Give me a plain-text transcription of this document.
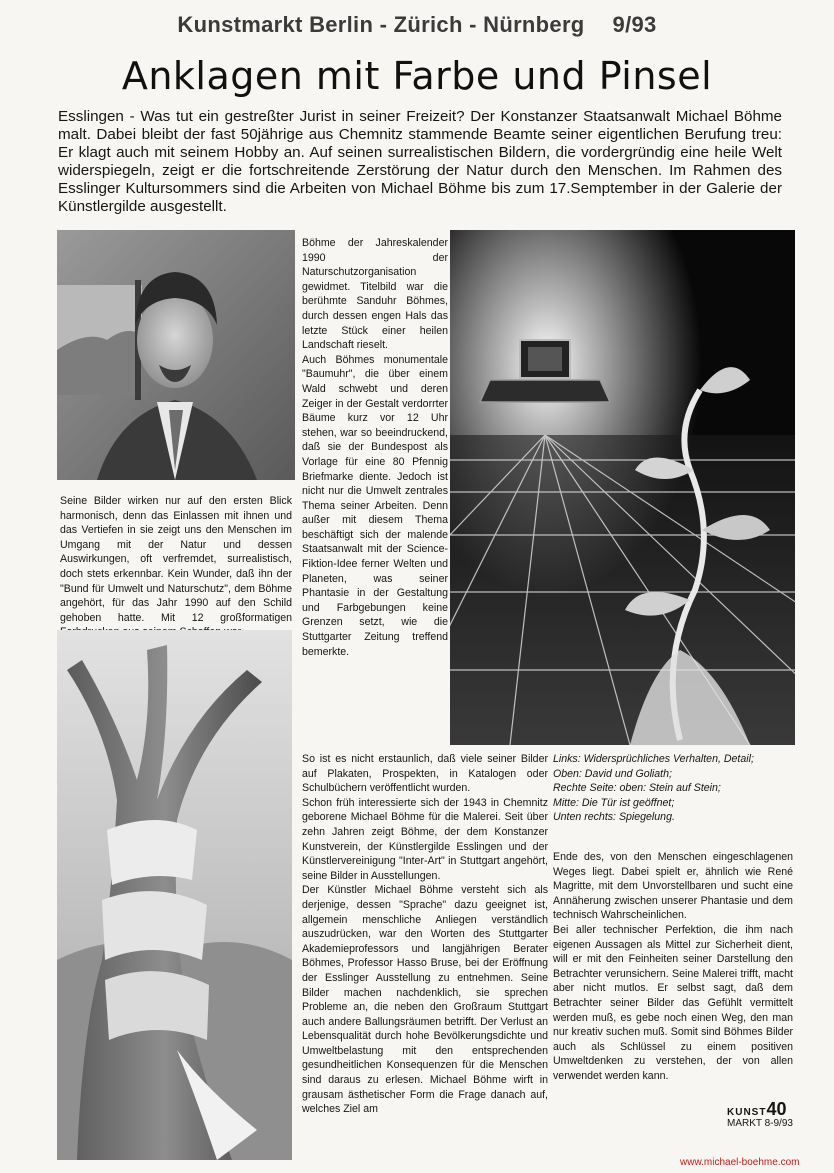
Kunstmarkt Berlin - Zürich - Nürnberg 9/93
Anklagen mit Farbe und Pinsel
Esslingen - Was tut ein gestreßter Jurist in seiner Freizeit? Der Konstanzer Staatsanwalt Michael Böhme malt. Dabei bleibt der fast 50jährige aus Chemnitz stammende Beamte seiner eigentlichen Berufung treu: Er klagt auch mit seinem Hobby an. Auf seinen surrealistischen Bildern, die vordergründig eine heile Welt widerspiegeln, zeigt er die fortschreitende Zerstörung der Natur durch den Menschen. Im Rahmen des Esslinger Kultursommers sind die Arbeiten von Michael Böhme bis zum 17.Semptember in der Galerie der Künstlergilde ausgestellt.
Seine Bilder wirken nur auf den ersten Blick harmonisch, denn das Einlassen mit ihnen und das Vertiefen in sie zeigt uns den Menschen im Umgang mit der Natur und dessen Auswirkungen, oft verfremdet, surrealistisch, doch stets erkennbar. Kein Wunder, daß ihn der "Bund für Umwelt und Naturschutz", dem Böhme angehört, für das Jahr 1990 auf den Schild gehoben hatte. Mit 12 großformatigen

Böhme der Jahreskalender 1990 der Naturschutzorganisation gewidmet. Titelbild war die berühmte Sanduhr Böhmes, durch dessen engen Hals das letzte Stück einer heilen Landschaft rieselt.

Auch Böhmes monumentale "Baumuhr", die über einem Wald schwebt und deren Zeiger in der Gestalt verdorrter Bäume kurz vor 12 Uhr stehen, war so beeindruckend, daß sie der Bundespost als Vorlage für eine 80 Pfennig Briefmarke diente. Jedoch ist nicht nur die Umwelt zentrales Thema seiner Arbeiten. Denn außer mit diesem Thema beschäftigt sich der malende Staatsanwalt mit der Science-Fiktion-Idee ferner Welten und Planeten, was seiner Phantasie in der Gestaltung und Farbgebungen keine Grenzen setzt, wie die Stuttgarter Zeitung treffend bemerkte.

So ist es nicht erstaunlich, daß viele seiner Bilder auf Plakaten, Prospekten, in Katalogen oder Schulbüchern veröffentlicht wurden.

Schon früh interessierte sich der 1943 in Chemnitz geborene Michael Böhme für die Malerei. Seit über zehn Jahren zeigt Böhme, der dem Konstanzer Kunstverein, der Künstlergilde Esslingen und der Künstlervereinigung "Inter-Art" in Stuttgart angehört, seine Bilder in Ausstellungen.

Der Künstler Michael Böhme versteht sich als derjenige, dessen "Sprache" dazu geeignet ist, allgemein menschliche Anliegen verständlich auszudrücken, war den Worten des Stuttgarter Akademieprofessors und langjährigen Berater Böhmes, Professor Hasso Bruse, bei der Eröffnung der Esslinger Ausstellung zu entnehmen. Seine Bilder machen nachdenklich, sie sprechen Probleme an, die neben den Großraum Stuttgart auch andere Ballungsräumen betrifft. Der Verlust an Lebensqualität durch hohe Bevölkerungsdichte und Umweltbelastung mit den entsprechenden gesundheitlichen Konsequenzen für die Menschen sind daraus zu erlesen. Michael Böhme wirft in grausam ästhetischer Form die Frage danach auf, welches Ziel am

Links: Widersprüchliches Verhalten, Detail;
Oben: David und Goliath;
Rechte Seite: oben: Stein auf Stein;
Mitte: Die Tür ist geöffnet;
Unten rechts: Spiegelung.

Ende des, von den Menschen eingeschlagenen Weges liegt. Dabei spielt er, ähnlich wie René Magritte, mit dem Unvorstellbaren und sucht eine Annäherung zwischen unserer Phantasie und dem technisch Wahrscheinlichen.

Bei aller technischer Perfektion, die ihm nach eigenen Aussagen als Mittel zur Sicherheit dient, will er mit den Feinheiten seiner Darstellung den Betrachter verunsichern. Seine Malerei trifft, macht aber nicht mutlos. Er selbst sagt, daß dem Betrachter seiner Bilder das Gefühlt vermittelt werden muß, es gebe noch einen Weg, den man nur kreativ suchen muß. Somit sind Böhmes Bilder auch als Schlüssel zu einem positiven Umweltdenken zu verstehen, der von allen verwendet werden kann.

KUNST40
MARKT 8-9/93
www.michael-boehme.com
